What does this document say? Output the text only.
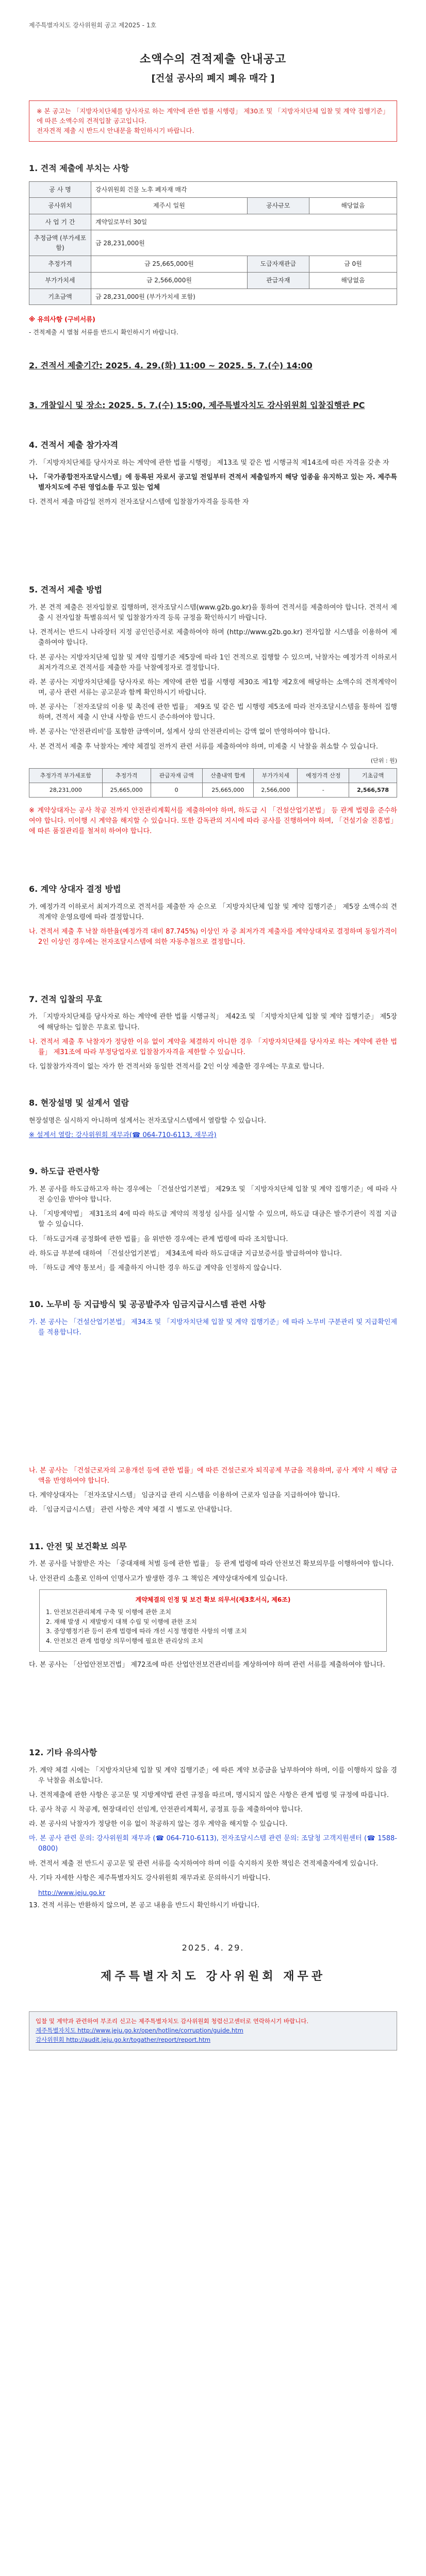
제주특별자치도 강사위원회 공고 제2025 - 1호
소액수의 견적제출 안내공고
[건설 공사의 폐지 폐유 매각 ]
※ 본 공고는 「지방자치단체를 당사자로 하는 계약에 관한 법률 시행령」 제30조 및 「지방자치단체 입찰 및 계약 집행기준」에 따른 소액수의 견적입찰 공고입니다.
전자견적 제출 시 반드시 안내문을 확인하시기 바랍니다.
1. 견적 제출에 부치는 사항
공 사 명	강사위원회 건물 노후 폐자재 매각		
공사위치	제주시 일원	공사규모	해당없음
사 업 기 간	계약일로부터 30일		
추정금액 (부가세포함)	금 28,231,000원		
추정가격	금 25,665,000원	도급자재관급	금 0원
부가가치세	금 2,566,000원	관급자재	해당없음
기초금액	금 28,231,000원 (부가가치세 포함)		
※ 유의사항 (구비서류)
- 견적제출 시 별첨 서류를 반드시 확인하시기 바랍니다.
2. 견적서 제출기간: 2025. 4. 29.(화) 11:00 ~ 2025. 5. 7.(수) 14:00
3. 개찰일시 및 장소: 2025. 5. 7.(수) 15:00, 제주특별자치도 강사위원회 입찰집행관 PC
4. 견적서 제출 참가자격

가. 「지방자치단체를 당사자로 하는 계약에 관한 법률 시행령」 제13조 및 같은 법 시행규칙 제14조에 따른 자격을 갖춘 자

나. 「국가종합전자조달시스템」에 등록된 자로서 공고일 전일부터 견적서 제출일까지 해당 업종을 유지하고 있는 자. 제주특별자치도에 주된 영업소를 두고 있는 업체

다. 견적서 제출 마감일 전까지 전자조달시스템에 입찰참가자격을 등록한 자

5. 견적서 제출 방법

가. 본 견적 제출은 전자입찰로 집행하며, 전자조달시스템(www.g2b.go.kr)을 통하여 견적서를 제출하여야 합니다. 견적서 제출 시 전자입찰 특별유의서 및 입찰참가자격 등록 규정을 확인하시기 바랍니다.

나. 견적서는 반드시 나라장터 지정 공인인증서로 제출하여야 하며 (http://www.g2b.go.kr) 전자입찰 시스템을 이용하여 제출하여야 합니다.

다. 본 공사는 지방자치단체 입찰 및 계약 집행기준 제5장에 따라 1인 견적으로 집행할 수 있으며, 낙찰자는 예정가격 이하로서 최저가격으로 견적서를 제출한 자를 낙찰예정자로 결정합니다.

라. 본 공사는 지방자치단체를 당사자로 하는 계약에 관한 법률 시행령 제30조 제1항 제2호에 해당하는 소액수의 견적계약이며, 공사 관련 서류는 공고문과 함께 확인하시기 바랍니다.

마. 본 공사는 「전자조달의 이용 및 촉진에 관한 법률」 제9조 및 같은 법 시행령 제5조에 따라 전자조달시스템을 통하여 집행하며, 견적서 제출 시 안내 사항을 반드시 준수하여야 합니다.

바. 본 공사는 '안전관리비'를 포함한 금액이며, 설계서 상의 안전관리비는 감액 없이 반영하여야 합니다.

사. 본 견적서 제출 후 낙찰자는 계약 체결일 전까지 관련 서류를 제출하여야 하며, 미제출 시 낙찰을 취소할 수 있습니다.

(단위 : 원)
추정가격 부가세포함	추정가격	관급자재 금액	산출내역 합계	부가가치세	예정가격 산정	기초금액
28,231,000	25,665,000	0	25,665,000	2,566,000	-	2,566,578

※ 계약상대자는 공사 착공 전까지 안전관리계획서를 제출하여야 하며, 하도급 시 「건설산업기본법」 등 관계 법령을 준수하여야 합니다. 미이행 시 계약을 해지할 수 있습니다. 또한 감독관의 지시에 따라 공사를 진행하여야 하며, 「건설기술 진흥법」에 따른 품질관리를 철저히 하여야 합니다.

6. 계약 상대자 결정 방법

가. 예정가격 이하로서 최저가격으로 견적서를 제출한 자 순으로 「지방자치단체 입찰 및 계약 집행기준」 제5장 소액수의 견적계약 운영요령에 따라 결정합니다.

나. 견적서 제출 후 낙찰 하한율(예정가격 대비 87.745%) 이상인 자 중 최저가격 제출자를 계약상대자로 결정하며 동일가격이 2인 이상인 경우에는 전자조달시스템에 의한 자동추첨으로 결정합니다.

7. 견적 입찰의 무효

가. 「지방자치단체를 당사자로 하는 계약에 관한 법률 시행규칙」 제42조 및 「지방자치단체 입찰 및 계약 집행기준」 제5장에 해당하는 입찰은 무효로 합니다.

나. 견적서 제출 후 낙찰자가 정당한 이유 없이 계약을 체결하지 아니한 경우 「지방자치단체를 당사자로 하는 계약에 관한 법률」 제31조에 따라 부정당업자로 입찰참가자격을 제한할 수 있습니다.

다. 입찰참가자격이 없는 자가 한 견적서와 동일한 견적서를 2인 이상 제출한 경우에는 무효로 합니다.

8. 현장설명 및 설계서 열람

현장설명은 실시하지 아니하며 설계서는 전자조달시스템에서 열람할 수 있습니다.

※ 설계서 열람: 강사위원회 재무과(☎ 064-710-6113, 재무과)

9. 하도급 관련사항

가. 본 공사를 하도급하고자 하는 경우에는 「건설산업기본법」 제29조 및 「지방자치단체 입찰 및 계약 집행기준」에 따라 사전 승인을 받아야 합니다.

나. 「지방계약법」 제31조의 4에 따라 하도급 계약의 적정성 심사를 실시할 수 있으며, 하도급 대금은 발주기관이 직접 지급할 수 있습니다.

다. 「하도급거래 공정화에 관한 법률」을 위반한 경우에는 관계 법령에 따라 조치합니다.

라. 하도급 부분에 대하여 「건설산업기본법」 제34조에 따라 하도급대금 지급보증서를 발급하여야 합니다.

마. 「하도급 계약 통보서」를 제출하지 아니한 경우 하도급 계약을 인정하지 않습니다.

10. 노무비 등 지급방식 및 공공발주자 임금지급시스템 관련 사항

가. 본 공사는 「건설산업기본법」 제34조 및 「지방자치단체 입찰 및 계약 집행기준」에 따라 노무비 구분관리 및 지급확인제를 적용합니다.

나. 본 공사는 「건설근로자의 고용개선 등에 관한 법률」에 따른 건설근로자 퇴직공제 부금을 적용하며, 공사 계약 시 해당 금액을 반영하여야 합니다.

다. 계약상대자는 「전자조달시스템」 임금지급 관리 시스템을 이용하여 근로자 임금을 지급하여야 합니다.

라. 「임금지급시스템」 관련 사항은 계약 체결 시 별도로 안내합니다.

11. 안전 및 보건확보 의무

가. 본 공사를 낙찰받은 자는 「중대재해 처벌 등에 관한 법률」 등 관계 법령에 따라 안전보건 확보의무를 이행하여야 합니다.

나. 안전관리 소홀로 인하여 인명사고가 발생한 경우 그 책임은 계약상대자에게 있습니다.

계약체결의 인정 및 보건 확보 의무서(제3호서식, 제6조)
1. 안전보건관리체계 구축 및 이행에 관한 조치
2. 재해 발생 시 재발방지 대책 수립 및 이행에 관한 조치
3. 중앙행정기관 등이 관계 법령에 따라 개선 시정 명령한 사항의 이행 조치
4. 안전보건 관계 법령상 의무이행에 필요한 관리상의 조치

다. 본 공사는 「산업안전보건법」 제72조에 따른 산업안전보건관리비를 계상하여야 하며 관련 서류를 제출하여야 합니다.

12. 기타 유의사항

가. 계약 체결 시에는 「지방자치단체 입찰 및 계약 집행기준」에 따른 계약 보증금을 납부하여야 하며, 이를 이행하지 않을 경우 낙찰을 취소합니다.

나. 견적제출에 관한 사항은 공고문 및 지방계약법 관련 규정을 따르며, 명시되지 않은 사항은 관계 법령 및 규정에 따릅니다.

다. 공사 착공 시 착공계, 현장대리인 선임계, 안전관리계획서, 공정표 등을 제출하여야 합니다.

라. 본 공사의 낙찰자가 정당한 이유 없이 착공하지 않는 경우 계약을 해지할 수 있습니다.

마. 본 공사 관련 문의: 강사위원회 재무과 (☎ 064-710-6113), 전자조달시스템 관련 문의: 조달청 고객지원센터 (☎ 1588-0800)

바. 견적서 제출 전 반드시 공고문 및 관련 서류를 숙지하여야 하며 이를 숙지하지 못한 책임은 견적제출자에게 있습니다.

사. 기타 자세한 사항은 제주특별자치도 강사위원회 재무과로 문의하시기 바랍니다.

http://www.jeju.go.kr

13. 견적 서류는 반환하지 않으며, 본 공고 내용을 반드시 확인하시기 바랍니다.

2025. 4. 29.
제주특별자치도 강사위원회 재무관
입찰 및 계약과 관련하여 부조리 신고는 제주특별자치도 감사위원회 청렴신고센터로 연락하시기 바랍니다.
제주특별자치도 http://www.jeju.go.kr/open/hotline/corruption/guide.htm
감사위원회 http://audit.jeju.go.kr/togather/report/report.htm
